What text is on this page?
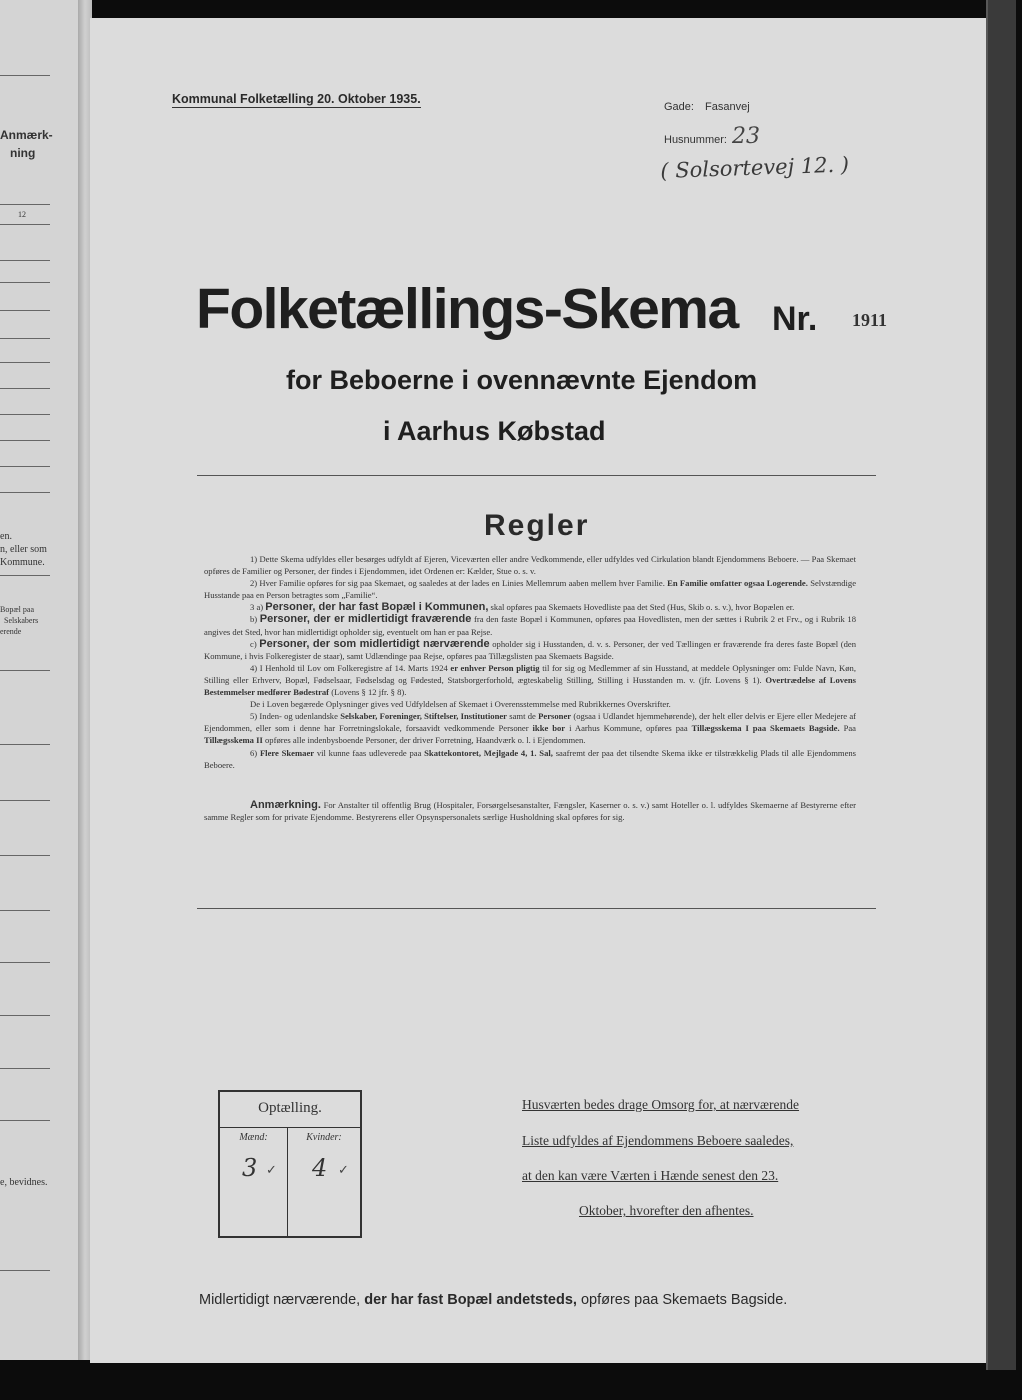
Anmærk-
ning
12
en.
n, eller som
Kommune.
Bopæl paa
Selskabers
erende
e, bevidnes.
Kommunal Folketælling 20. Oktober 1935.
Gade: Fasanvej
Husnummer: 23
( Solsortevej 12. )
Folketællings-Skema Nr. 1911
for Beboerne i ovennævnte Ejendom
i Aarhus Købstad
Regler

1) Dette Skema udfyldes eller besørges udfyldt af Ejeren, Viceværten eller andre Vedkommende, eller udfyldes ved Cirkulation blandt Ejendommens Beboere. — Paa Skemaet opføres de Familier og Personer, der findes i Ejendommen, idet Ordenen er: Kælder, Stue o. s. v.

2) Hver Familie opføres for sig paa Skemaet, og saaledes at der lades en Linies Mellemrum aaben mellem hver Familie. En Familie omfatter ogsaa Logerende. Selvstændige Husstande paa en Person betragtes som „Familie“.

3 a) Personer, der har fast Bopæl i Kommunen, skal opføres paa Skemaets Hovedliste paa det Sted (Hus, Skib o. s. v.), hvor Bopælen er.

b) Personer, der er midlertidigt fraværende fra den faste Bopæl i Kommunen, opføres paa Hovedlisten, men der sættes i Rubrik 2 et Frv., og i Rubrik 18 angives det Sted, hvor han midlertidigt opholder sig, eventuelt om han er paa Rejse.

c) Personer, der som midlertidigt nærværende opholder sig i Husstanden, d. v. s. Personer, der ved Tællingen er fraværende fra deres faste Bopæl (den Kommune, i hvis Folkeregister de staar), samt Udlændinge paa Rejse, opføres paa Tillægslisten paa Skemaets Bagside.

4) I Henhold til Lov om Folkeregistre af 14. Marts 1924 er enhver Person pligtig til for sig og Medlemmer af sin Husstand, at meddele Oplysninger om: Fulde Navn, Køn, Stilling eller Erhverv, Bopæl, Fødselsaar, Fødselsdag og Fødested, Statsborgerforhold, ægteskabelig Stilling, Stilling i Husstanden m. v. (jfr. Lovens § 1). Overtrædelse af Lovens Bestemmelser medfører Bødestraf (Lovens § 12 jfr. § 8).

De i Loven begærede Oplysninger gives ved Udfyldelsen af Skemaet i Overensstemmelse med Rubrikkernes Overskrifter.

5) Inden- og udenlandske Selskaber, Foreninger, Stiftelser, Institutioner samt de Personer (ogsaa i Udlandet hjemmehørende), der helt eller delvis er Ejere eller Medejere af Ejendommen, eller som i denne har Forretningslokale, forsaavidt vedkommende Personer ikke bor i Aarhus Kommune, opføres paa Tillægsskema I paa Skemaets Bagside. Paa Tillægsskema II opføres alle indenbysboende Personer, der driver Forretning, Haandværk o. l. i Ejendommen.

6) Flere Skemaer vil kunne faas udleverede paa Skattekontoret, Mejlgade 4, 1. Sal, saafremt der paa det tilsendte Skema ikke er tilstrækkelig Plads til alle Ejendommens Beboere.

Anmærkning. For Anstalter til offentlig Brug (Hospitaler, Forsørgelsesanstalter, Fængsler, Kaserner o. s. v.) samt Hoteller o. l. udfyldes Skemaerne af Bestyrerne efter samme Regler som for private Ejendomme. Bestyrerens eller Opsynspersonalets særlige Husholdning skal opføres for sig.

Optælling.
Mænd:	Kvinder:
3 ✓ 4 ✓
Husværten bedes drage Omsorg for, at nærværende
Liste udfyldes af Ejendommens Beboere saaledes,
at den kan være Værten i Hænde senest den 23.
Oktober, hvorefter den afhentes.
Midlertidigt nærværende, der har fast Bopæl andetsteds, opføres paa Skemaets Bagside.
